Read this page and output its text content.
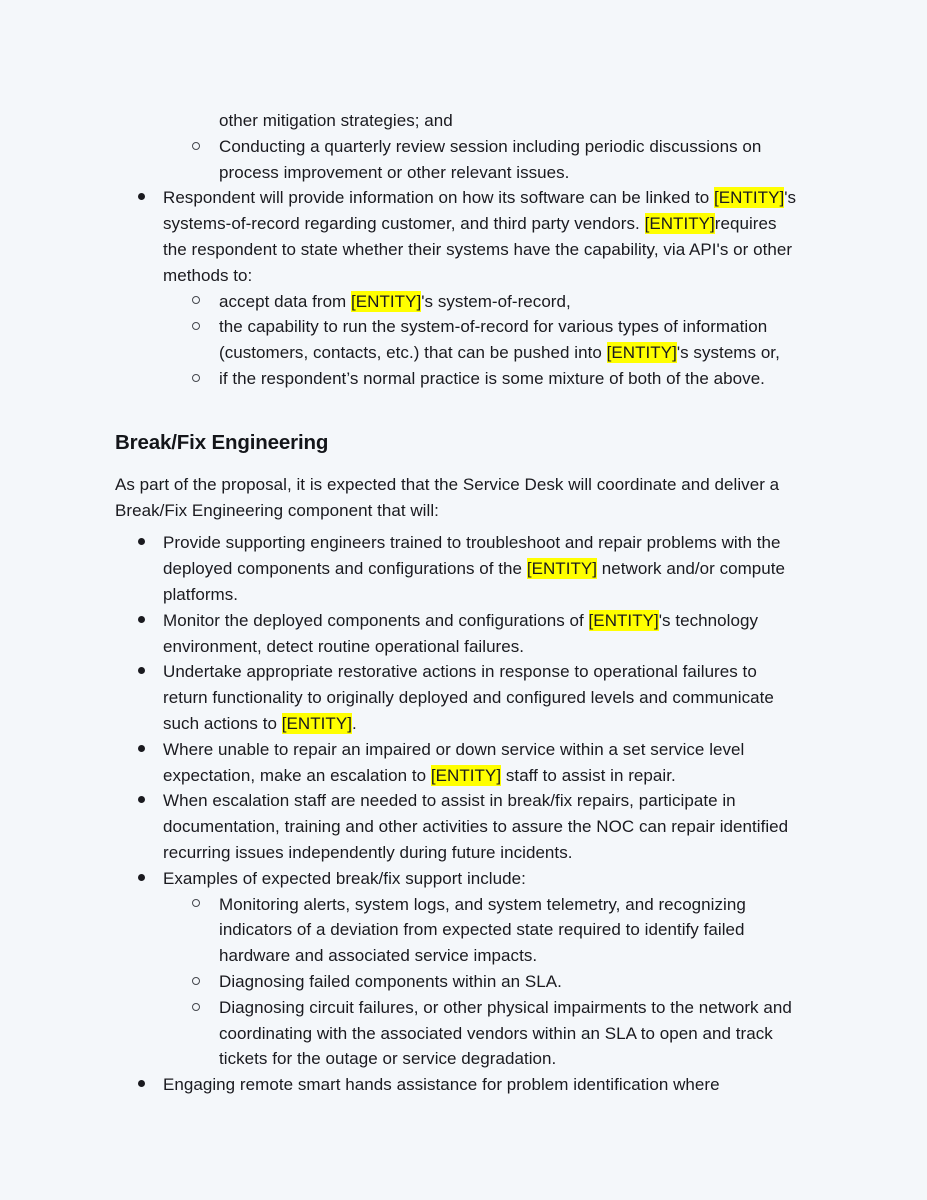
other mitigation strategies; and
Conducting a quarterly review session including periodic discussions on process improvement or other relevant issues.
Respondent will provide information on how its software can be linked to [ENTITY]'s systems-of-record regarding customer, and third party vendors. [ENTITY]requires the respondent to state whether their systems have the capability, via API's or other methods to:
accept data from [ENTITY]'s system-of-record,
the capability to run the system-of-record for various types of information (customers, contacts, etc.) that can be pushed into [ENTITY]'s systems or,
if the respondent’s normal practice is some mixture of both of the above.
Break/Fix Engineering
As part of the proposal, it is expected that the Service Desk will coordinate and deliver a Break/Fix Engineering component that will:
Provide supporting engineers trained to troubleshoot and repair problems with the deployed components and configurations of the [ENTITY] network and/or compute platforms.
Monitor the deployed components and configurations of [ENTITY]'s technology environment, detect routine operational failures.
Undertake appropriate restorative actions in response to operational failures to return functionality to originally deployed and configured levels and communicate such actions to [ENTITY].
Where unable to repair an impaired or down service within a set service level expectation, make an escalation to [ENTITY] staff to assist in repair.
When escalation staff are needed to assist in break/fix repairs, participate in documentation, training and other activities to assure the NOC can repair identified recurring issues independently during future incidents.
Examples of expected break/fix support include:
Monitoring alerts, system logs, and system telemetry, and recognizing indicators of a deviation from expected state required to identify failed hardware and associated service impacts.
Diagnosing failed components within an SLA.
Diagnosing circuit failures, or other physical impairments to the network and coordinating with the associated vendors within an SLA to open and track tickets for the outage or service degradation.
Engaging remote smart hands assistance for problem identification where
